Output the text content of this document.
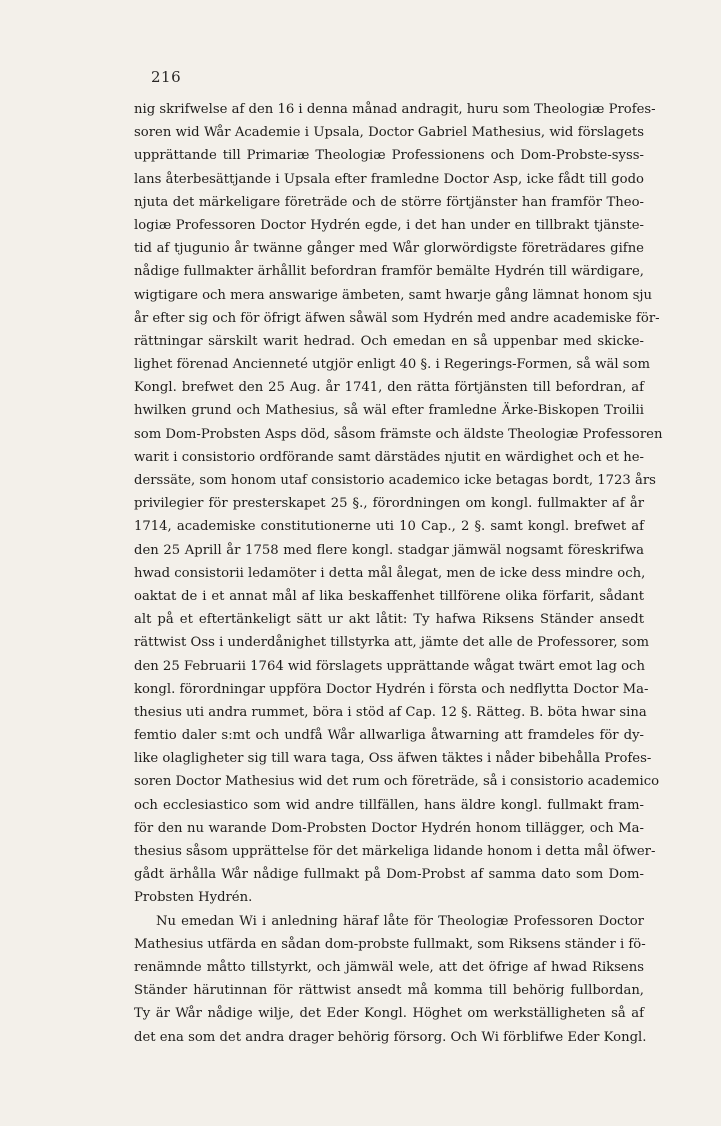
216
nig skrifwelse af den 16 i denna månad andragit, huru som Theologiæ Profes-
soren wid Wår Academie i Upsala, Doctor Gabriel Mathesius, wid förslagets
upprättande till Primariæ Theologiæ Professionens och Dom-Probste-syss-
lans återbesättjande i Upsala efter framledne Doctor Asp, icke fådt till godo
njuta det märkeligare företräde och de större förtjänster han framför Theo-
logiæ Professoren Doctor Hydrén egde, i det han under en tillbrakt tjänste-
tid af tjugunio år twänne gånger med Wår glorwördigste företrädares gifne
nådige fullmakter ärhållit befordran framför bemälte Hydrén till wärdigare,
wigtigare och mera answarige ämbeten, samt hwarje gång lämnat honom sju
år efter sig och för öfrigt äfwen såwäl som Hydrén med andre academiske för-
rättningar särskilt warit hedrad. Och emedan en så uppenbar med skicke-
lighet förenad Ancienneté utgjör enligt 40 §. i Regerings-Formen, så wäl som
Kongl. brefwet den 25 Aug. år 1741, den rätta förtjänsten till befordran, af
hwilken grund och Mathesius, så wäl efter framledne Ärke-Biskopen Troilii
som Dom-Probsten Asps död, såsom främste och äldste Theologiæ Professoren
warit i consistorio ordförande samt därstädes njutit en wärdighet och et he-
derssäte, som honom utaf consistorio academico icke betagas bordt, 1723 års
privilegier för presterskapet 25 §., förordningen om kongl. fullmakter af år
1714, academiske constitutionerne uti 10 Cap., 2 §. samt kongl. brefwet af
den 25 Aprill år 1758 med flere kongl. stadgar jämwäl nogsamt föreskrifwa
hwad consistorii ledamöter i detta mål ålegat, men de icke dess mindre och,
oaktat de i et annat mål af lika beskaffenhet tillförene olika förfarit, sådant
alt på et eftertänkeligt sätt ur akt låtit: Ty hafwa Riksens Ständer ansedt
rättwist Oss i underdånighet tillstyrka att, jämte det alle de Professorer, som
den 25 Februarii 1764 wid förslagets upprättande wågat twärt emot lag och
kongl. förordningar uppföra Doctor Hydrén i första och nedflytta Doctor Ma-
thesius uti andra rummet, böra i stöd af Cap. 12 §. Rätteg. B. böta hwar sina
femtio daler s:mt och undfå Wår allwarliga åtwarning att framdeles för dy-
like olagligheter sig till wara taga, Oss äfwen täktes i nåder bibehålla Profes-
soren Doctor Mathesius wid det rum och företräde, så i consistorio academico
och ecclesiastico som wid andre tillfällen, hans äldre kongl. fullmakt fram-
för den nu warande Dom-Probsten Doctor Hydrén honom tillägger, och Ma-
thesius såsom upprättelse för det märkeliga lidande honom i detta mål öfwer-
gådt ärhålla Wår nådige fullmakt på Dom-Probst af samma dato som Dom-
Probsten Hydrén.
Nu emedan Wi i anledning häraf låte för Theologiæ Professoren Doctor
Mathesius utfärda en sådan dom-probste fullmakt, som Riksens ständer i fö-
renämnde måtto tillstyrkt, och jämwäl wele, att det öfrige af hwad Riksens
Ständer härutinnan för rättwist ansedt må komma till behörig fullbordan,
Ty är Wår nådige wilje, det Eder Kongl. Höghet om werkställigheten så af
det ena som det andra drager behörig försorg. Och Wi förblifwe Eder Kongl.
